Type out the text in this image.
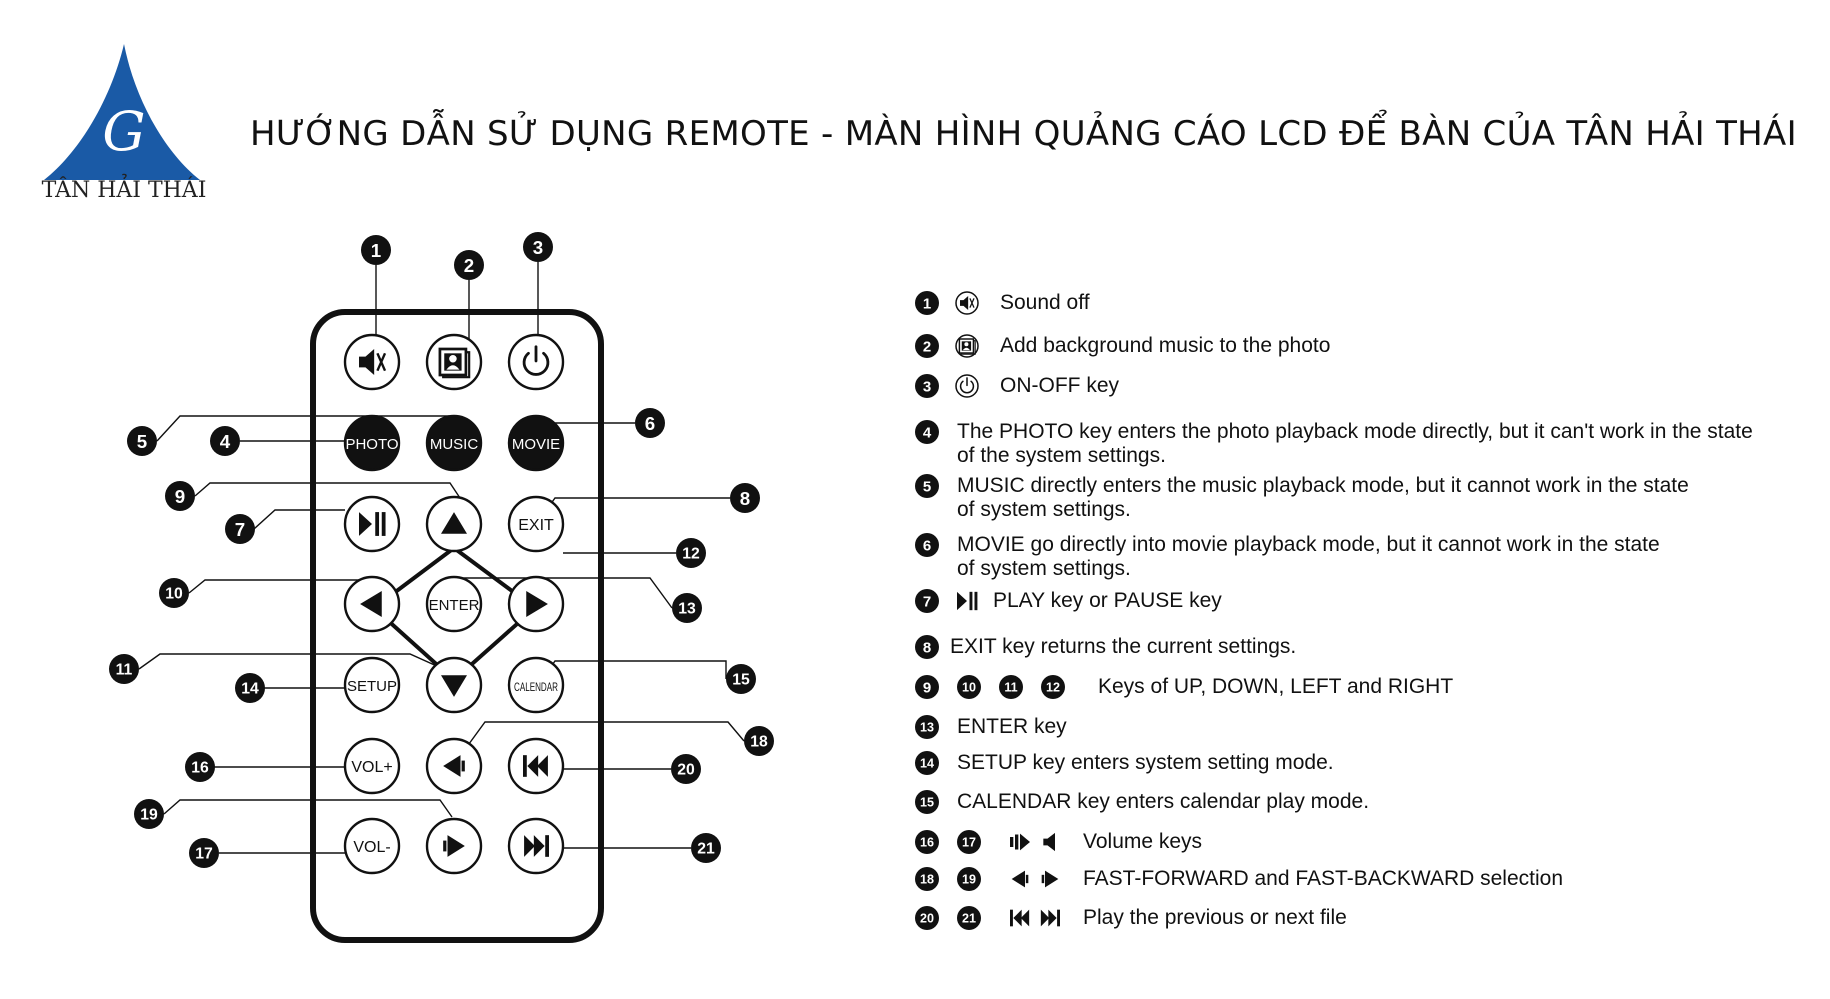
G
PHOTO MUSIC MOVIE
EXIT
ENTER
SETUP	CALENDAR
VOL+
VOL-
1
2
3
4
5
6
7
8
9
10
11
12
13
14
15
16
17
18
19
20
21
1
2
3
4
5
6
7
8
9 10 11 12
13
14
15
16 17
18 19
20 21
HƯỚNG DẪN SỬ DỤNG REMOTE - MÀN HÌNH QUẢNG CÁO LCD ĐỂ BÀN CỦA TÂN HẢI THÁI
TÂN HẢI THÁI
Sound off
Add background music to the photo
ON-OFF key
The PHOTO key enters the photo playback mode directly, but it can't work in the state
of the system settings.
MUSIC directly enters the music playback mode, but it cannot work in the state
of system settings.
MOVIE go directly into movie playback mode, but it cannot work in the state
of system settings.
PLAY key or PAUSE key
EXIT key returns the current settings.
Keys of UP, DOWN, LEFT and RIGHT
ENTER key
SETUP key enters system setting mode.
CALENDAR key enters calendar play mode.
Volume keys
FAST-FORWARD and FAST-BACKWARD selection
Play the previous or next file
